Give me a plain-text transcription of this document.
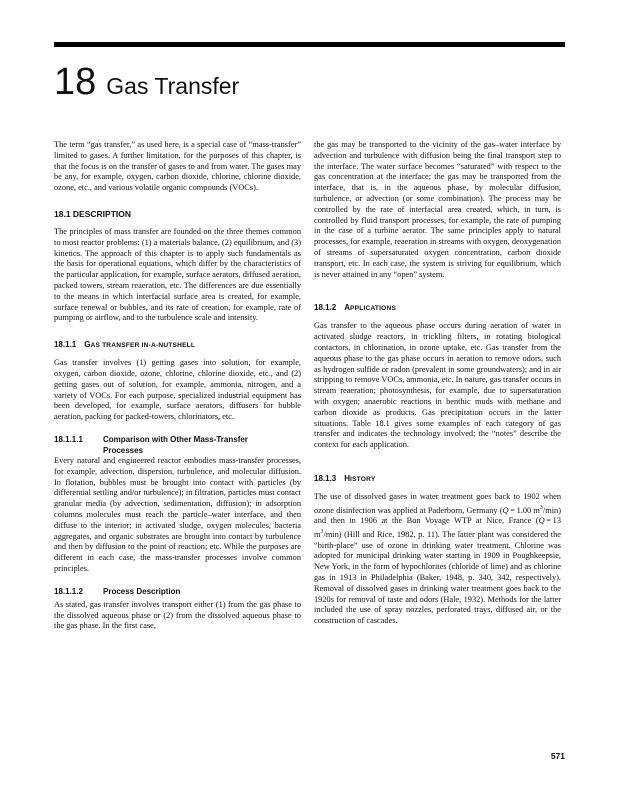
18 Gas Transfer

The term “gas transfer,” as used here, is a special case of “mass-transfer” limited to gases. A further limitation, for the purposes of this chapter, is that the focus is on the transfer of gases to and from water. The gases may be any, for example, oxygen, carbon dioxide, chlorine, chlorine dioxide, ozone, etc., and various volatile organic compounds (VOCs).

18.1 DESCRIPTION

The principles of mass transfer are founded on the three themes common to most reactor problems: (1) a materials balance, (2) equilibrium, and (3) kinetics. The approach of this chapter is to apply such fundamentals as the basis for operational equations, which differ by the characteristics of the particular application, for example, surface aerators, diffused aeration, packed towers, stream reaeration, etc. The differences are due essentially to the means in which interfacial surface area is created, for example, surface renewal or bubbles, and its rate of creation, for example, rate of pumping or airflow, and to the turbulence scale and intensity.

18.1.1 GAS TRANSFER IN-A-NUTSHELL

Gas transfer involves (1) getting gases into solution, for example, oxygen, carbon dioxide, ozone, chlorine, chlorine dioxide, etc., and (2) getting gases out of solution, for example, ammonia, nitrogen, and a variety of VOCs. For each purpose, specialized industrial equipment has been developed, for example, surface aerators, diffusers for bubble aeration, packing for packed-towers, chlorinators, etc.

18.1.1.1	Comparison with Other Mass-Transfer
Processes

Every natural and engineered reactor embodies mass-transfer processes, for example, advection, dispersion, turbulence, and molecular diffusion. In flotation, bubbles must be brought into contact with particles (by differential settling and/or turbulence); in filtration, particles must contact granular media (by advection, sedimentation, diffusion); in adsorption columns molecules must reach the particle–water interface, and then diffuse to the interior; in activated sludge, oxygen molecules, bacteria aggregates, and organic substrates are brought into contact by turbulence and then by diffusion to the point of reaction; etc. While the purposes are different in each case, the mass-transfer processes involve common principles.

18.1.1.2	Process Description

As stated, gas transfer involves transport either (1) from the gas phase to the dissolved aqueous phase or (2) from the dissolved aqueous phase to the gas phase. In the first case,

the gas may be transported to the vicinity of the gas–water interface by advection and turbulence with diffusion being the final transport step to the interface. The water surface becomes “saturated” with respect to the gas concentration at the interface; the gas may be transported from the interface, that is, in the aqueous phase, by molecular diffusion, turbulence, or advection (or some combination). The process may be controlled by the rate of interfacial area created, which, in turn, is controlled by fluid transport processes, for example, the rate of pumping in the case of a turbine aerator. The same principles apply to natural processes, for example, reaeration in streams with oxygen, deoxygenation of streams of supersaturated oxygen concentration, carbon dioxide transport, etc. In each case, the system is striving for equilibrium, which is never attained in any “open” system.

18.1.2 APPLICATIONS

Gas transfer to the aqueous phase occurs during aeration of water in activated sludge reactors, in trickling filters, in rotating biological contactors, in chlorination, in ozone uptake, etc. Gas transfer from the aqueous phase to the gas phase occurs in aeration to remove odors, such as hydrogen sulfide or radon (prevalent in some groundwaters); and in air stripping to remove VOCs, ammonia, etc. In nature, gas transfer occurs in stream reaeration; photosynthesis, for example, due to supersaturation with oxygen; anaerobic reactions in benthic muds with methane and carbon dioxide as products. Gas precipitation occurs in the latter situations. Table 18.1 gives some examples of each category of gas transfer and indicates the technology involved; the “notes” describe the context for each application.

18.1.3 HISTORY

The use of dissolved gases in water treatment goes back to 1902 when ozone disinfection was applied at Paderborn, Germany (Q = 1.00 $m^3/\min$) and then in 1906 at the Bon Voyage WTP at Nice, France (Q = 13 $m^3/\min$) (Hill and Rice, 1982, p. 11). The latter plant was considered the “birth-place” use of ozone in drinking water treatment. Chlorine was adopted for municipal drinking water starting in 1909 in Poughkeepsie, New York, in the form of hypochlorites (chloride of lime) and as chlorine gas in 1913 in Philadelphia (Baker, 1948, p. 340, 342, respectively). Removal of dissolved gases in drinking water treatment goes back to the 1920s for removal of taste and odors (Hale, 1932). Methods for the latter included the use of spray nozzles, perforated trays, diffused air, or the construction of cascades.

571
